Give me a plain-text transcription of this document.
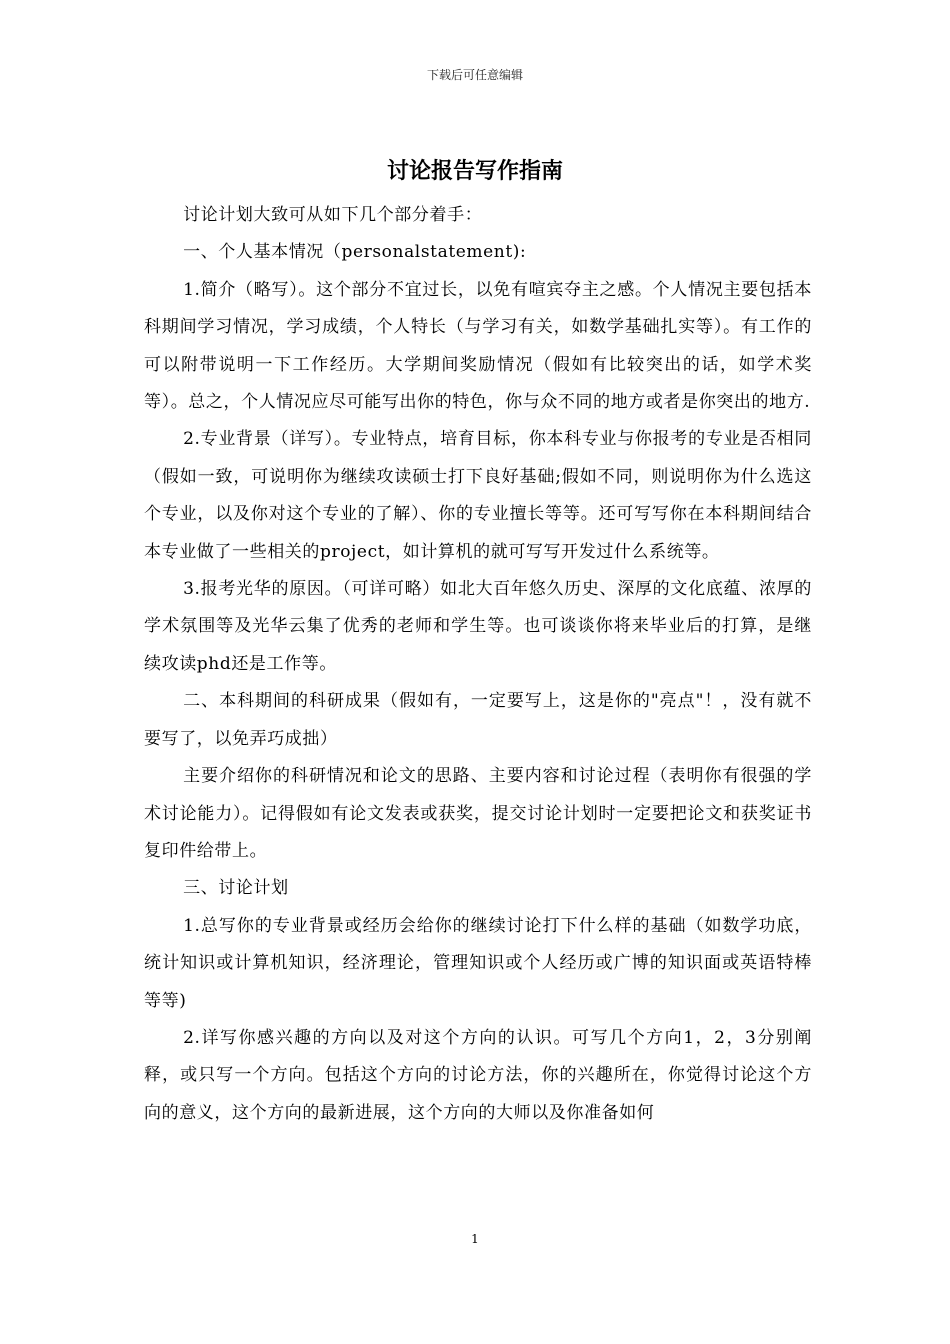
下载后可任意编辑
讨论报告写作指南

讨论计划大致可从如下几个部分着手：

一、个人基本情况（personalstatement):

1.简介（略写）。这个部分不宜过长，以免有喧宾夺主之感。个人情况主要包括本科期间学习情况，学习成绩，个人特长（与学习有关，如数学基础扎实等）。有工作的可以附带说明一下工作经历。大学期间奖励情况（假如有比较突出的话，如学术奖等）。总之，个人情况应尽可能写出你的特色，你与众不同的地方或者是你突出的地方.

2.专业背景（详写）。专业特点，培育目标，你本科专业与你报考的专业是否相同（假如一致，可说明你为继续攻读硕士打下良好基础;假如不同，则说明你为什么选这个专业，以及你对这个专业的了解）、你的专业擅长等等。还可写写你在本科期间结合本专业做了一些相关的project，如计算机的就可写写开发过什么系统等。

3.报考光华的原因。（可详可略）如北大百年悠久历史、深厚的文化底蕴、浓厚的学术氛围等及光华云集了优秀的老师和学生等。也可谈谈你将来毕业后的打算，是继续攻读phd还是工作等。

二、本科期间的科研成果（假如有，一定要写上，这是你的"亮点"！，没有就不要写了，以免弄巧成拙）

主要介绍你的科研情况和论文的思路、主要内容和讨论过程（表明你有很强的学术讨论能力）。记得假如有论文发表或获奖，提交讨论计划时一定要把论文和获奖证书复印件给带上。

三、讨论计划

1.总写你的专业背景或经历会给你的继续讨论打下什么样的基础（如数学功底，统计知识或计算机知识，经济理论，管理知识或个人经历或广博的知识面或英语特棒等等)

2.详写你感兴趣的方向以及对这个方向的认识。可写几个方向1，2，3分别阐释，或只写一个方向。包括这个方向的讨论方法，你的兴趣所在，你觉得讨论这个方向的意义，这个方向的最新进展，这个方向的大师以及你准备如何

1
